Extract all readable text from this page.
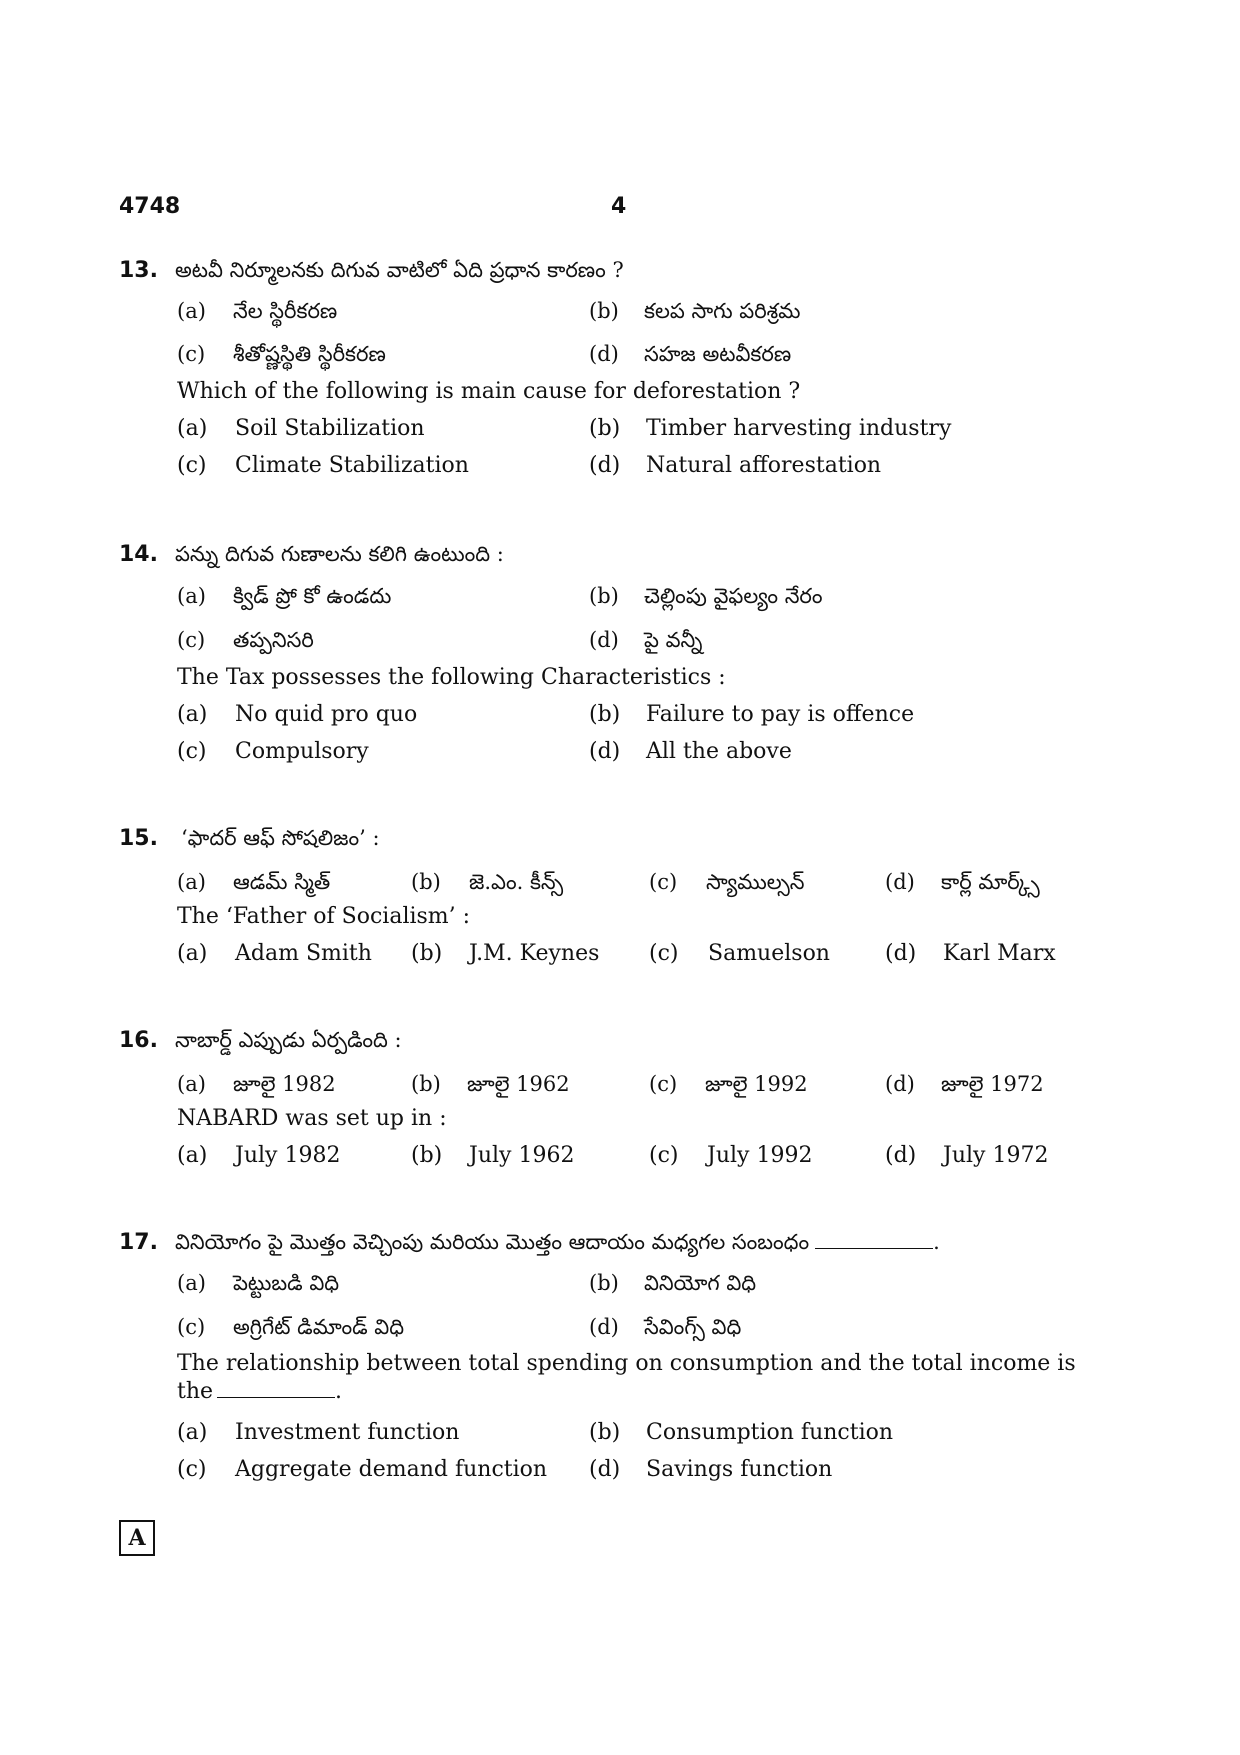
4748	4
13. అటవీ నిర్మూలనకు దిగువ వాటిలో ఏది ప్రధాన కారణం ?
(a) నేల స్థిరీకరణ	(b) కలప సాగు పరిశ్రమ
(c) శీతోష్ణస్థితి స్థిరీకరణ	(d) సహజ అటవీకరణ
Which of the following is main cause for deforestation ?
(a) Soil Stabilization	(b) Timber harvesting industry
(c) Climate Stabilization	(d) Natural afforestation
14. పన్ను దిగువ గుణాలను కలిగి ఉంటుంది :
(a) క్విడ్ ప్రో కో ఉండదు	(b) చెల్లింపు వైఫల్యం నేరం
(c) తప్పనిసరి	(d) పై వన్నీ
The Tax possesses the following Characteristics :
(a) No quid pro quo	(b) Failure to pay is offence
(c) Compulsory	(d) All the above
15. ‘ఫాదర్ ఆఫ్ సోషలిజం’ :
(a) ఆడమ్ స్మిత్	(b) జె.ఎం. కీన్స్	(c) స్యాముల్సన్	(d) కార్ల్ మార్క్స్
The ‘Father of Socialism’ :
(a) Adam Smith (b) J.M. Keynes (c) Samuelson	(d) Karl Marx
16. నాబార్డ్ ఎప్పుడు ఏర్పడింది :
(a) జూలై 1982	(b) జూలై 1962	(c) జూలై 1992	(d) జూలై 1972
NABARD was set up in :
(a) July 1982	(b) July 1962	(c) July 1992	(d) July 1972
17. వినియోగం పై మొత్తం వెచ్చింపు మరియు మొత్తం ఆదాయం మధ్యగల సంబంధం	.
(a) పెట్టుబడి విధి	(b) వినియోగ విధి
(c) అగ్రిగేట్ డిమాండ్ విధి	(d) సేవింగ్స్ విధి
The relationship between total spending on consumption and the total income is the	.
(a) Investment function	(b) Consumption function
(c) Aggregate demand function (d) Savings function
A
